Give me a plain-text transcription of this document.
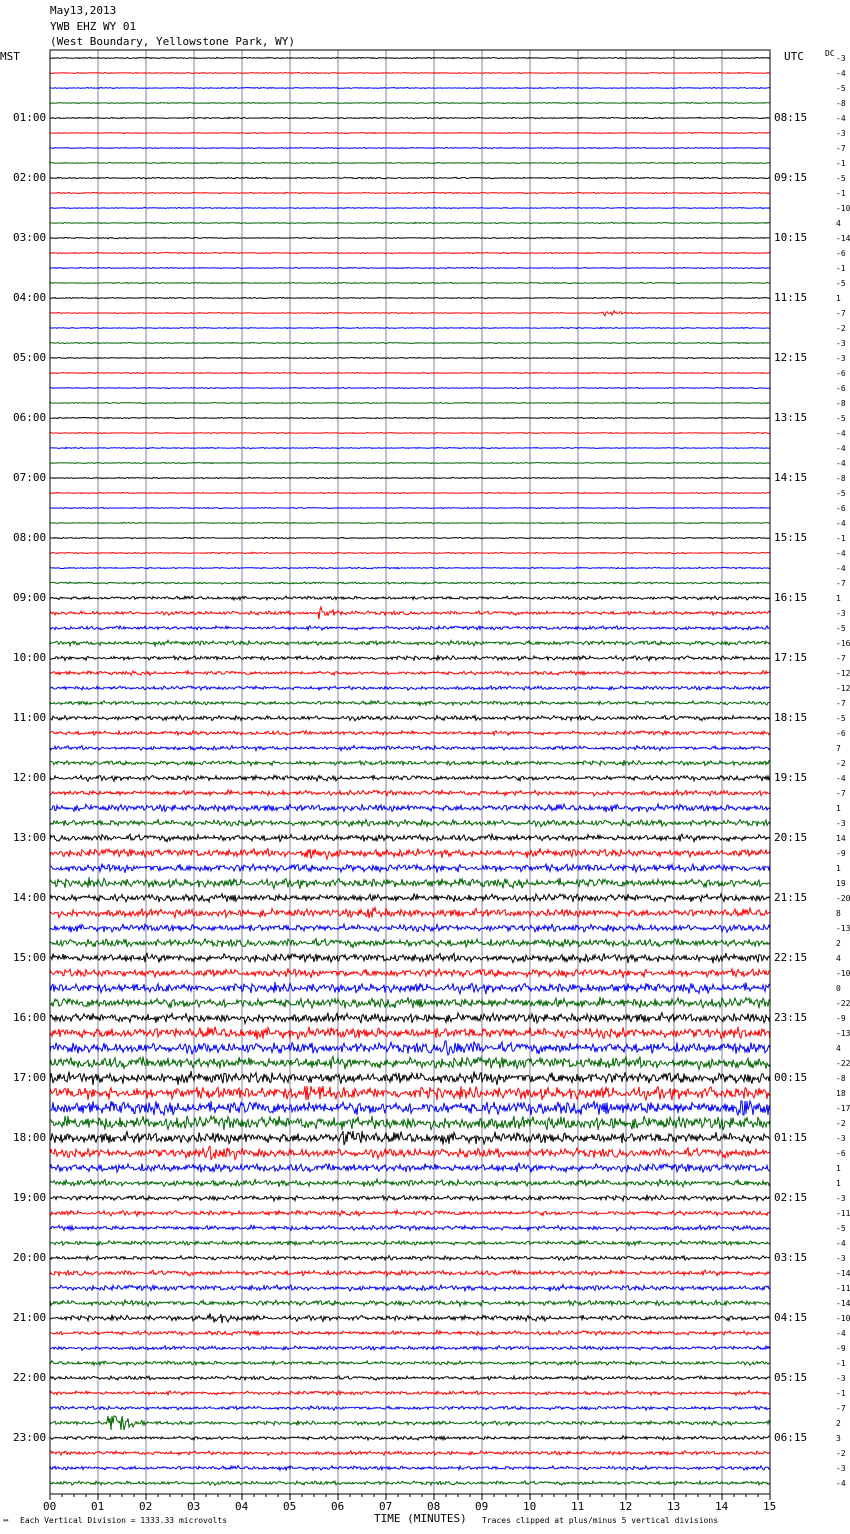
May13,2013
YWB EHZ WY 01
(West Boundary, Yellowstone Park, WY)
MST	UTC	DC
-3
-4
-5
-8
-4
-3
-7
-1
-5
-1
-10
4
-14
-6
-1
-5
1
-7
-2
-3
-3
-6
-6
-8
-5
-4
-4
-4
-8
-5
-6
-4
-1
-4
-4
-7
1
-3
-5
-16
-7
-12
-12
-7
-5
-6
7
-2
-4
-7
1
-3
14
-9
1
19
-20
8
-13
2
4
-10
0
-22
-9
-13
4
-22
-8
18
-17
-2
-3
-6
1
1
-3
-11
-5
-4
-3
-14
-11
-14
-10
-4
-9
-1
-3
-1
-7
2
3
-2
-3
-4
01:00	08:15
02:00	09:15
03:00	10:15
04:00	11:15
05:00	12:15
06:00	13:15
07:00	14:15
08:00	15:15
09:00	16:15
10:00	17:15
11:00	18:15
12:00	19:15
13:00	20:15
14:00	21:15
15:00	22:15
16:00	23:15
17:00	00:15
18:00	01:15
19:00	02:15
20:00	03:15
21:00	04:15
22:00	05:15
23:00	06:15
00	01	02	03	04	05	06	07	08	09	10	11	12	13	14	15
TIME (MINUTES)
Each Vertical Division = 1333.33 microvolts	Traces clipped at plus/minus 5 vertical divisions
℠
